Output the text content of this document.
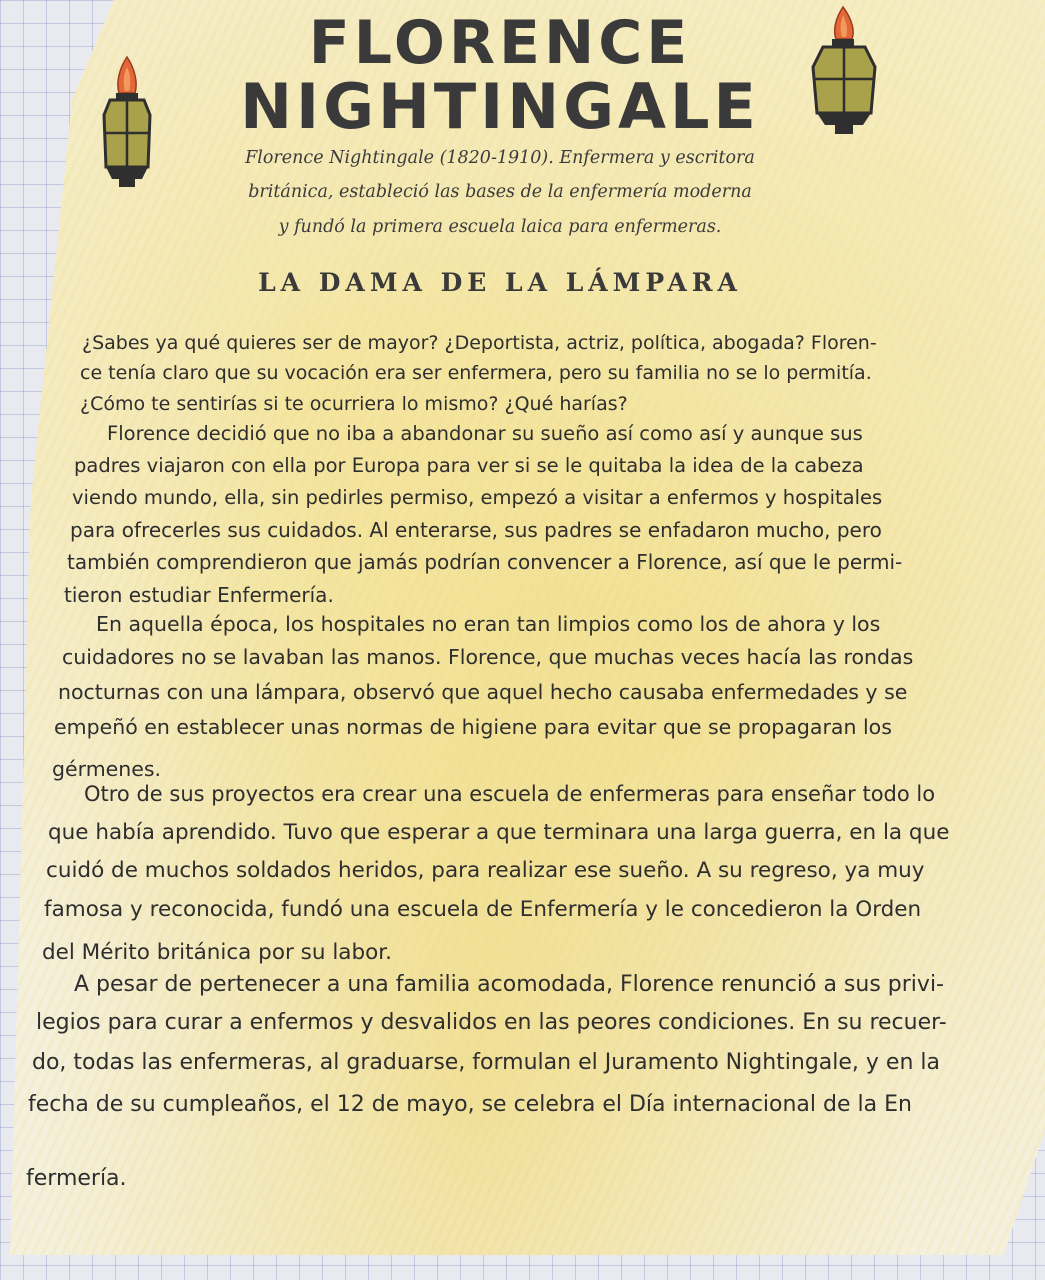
FLORENCE
NIGHTINGALE

Florence Nightingale (1820-1910). Enfermera y escritora

británica, estableció las bases de la enfermería moderna

y fundó la primera escuela laica para enfermeras.

LA DAMA DE LA LÁMPARA

¿Sabes ya qué quieres ser de mayor? ¿Deportista, actriz, política, abogada? Floren-

ce tenía claro que su vocación era ser enfermera, pero su familia no se lo permitía.

¿Cómo te sentirías si te ocurriera lo mismo? ¿Qué harías?

Florence decidió que no iba a abandonar su sueño así como así y aunque sus

padres viajaron con ella por Europa para ver si se le quitaba la idea de la cabeza

viendo mundo, ella, sin pedirles permiso, empezó a visitar a enfermos y hospitales

para ofrecerles sus cuidados. Al enterarse, sus padres se enfadaron mucho, pero

también comprendieron que jamás podrían convencer a Florence, así que le permi-

tieron estudiar Enfermería.

En aquella época, los hospitales no eran tan limpios como los de ahora y los

cuidadores no se lavaban las manos. Florence, que muchas veces hacía las rondas

nocturnas con una lámpara, observó que aquel hecho causaba enfermedades y se

empeñó en establecer unas normas de higiene para evitar que se propagaran los

gérmenes.

Otro de sus proyectos era crear una escuela de enfermeras para enseñar todo lo

que había aprendido. Tuvo que esperar a que terminara una larga guerra, en la que

cuidó de muchos soldados heridos, para realizar ese sueño. A su regreso, ya muy

famosa y reconocida, fundó una escuela de Enfermería y le concedieron la Orden

del Mérito británica por su labor.

A pesar de pertenecer a una familia acomodada, Florence renunció a sus privi-

legios para curar a enfermos y desvalidos en las peores condiciones. En su recuer-

do, todas las enfermeras, al graduarse, formulan el Juramento Nightingale, y en la

fecha de su cumpleaños, el 12 de mayo, se celebra el Día internacional de la En

fermería.
